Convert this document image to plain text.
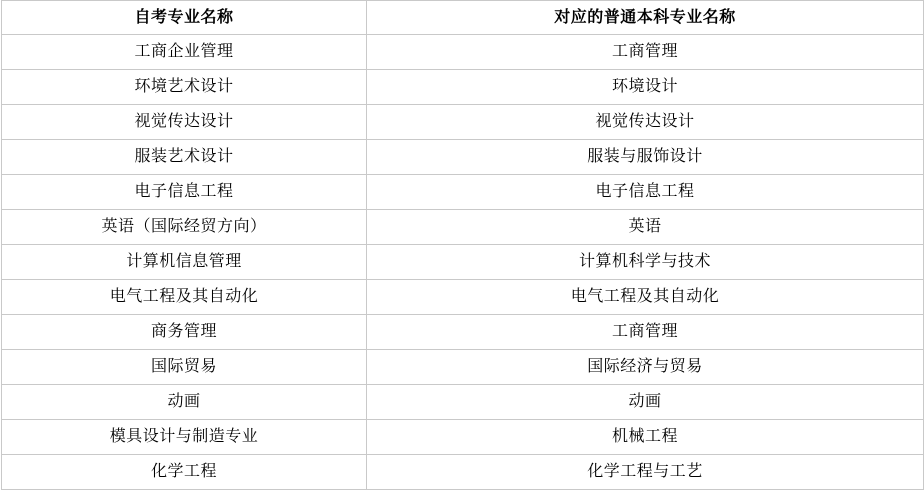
自考专业名称	对应的普通本科专业名称
工商企业管理	工商管理
环境艺术设计	环境设计
视觉传达设计	视觉传达设计
服装艺术设计	服装与服饰设计
电子信息工程	电子信息工程
英语（国际经贸方向）	英语
计算机信息管理	计算机科学与技术
电气工程及其自动化	电气工程及其自动化
商务管理	工商管理
国际贸易	国际经济与贸易
动画	动画
模具设计与制造专业	机械工程
化学工程	化学工程与工艺
